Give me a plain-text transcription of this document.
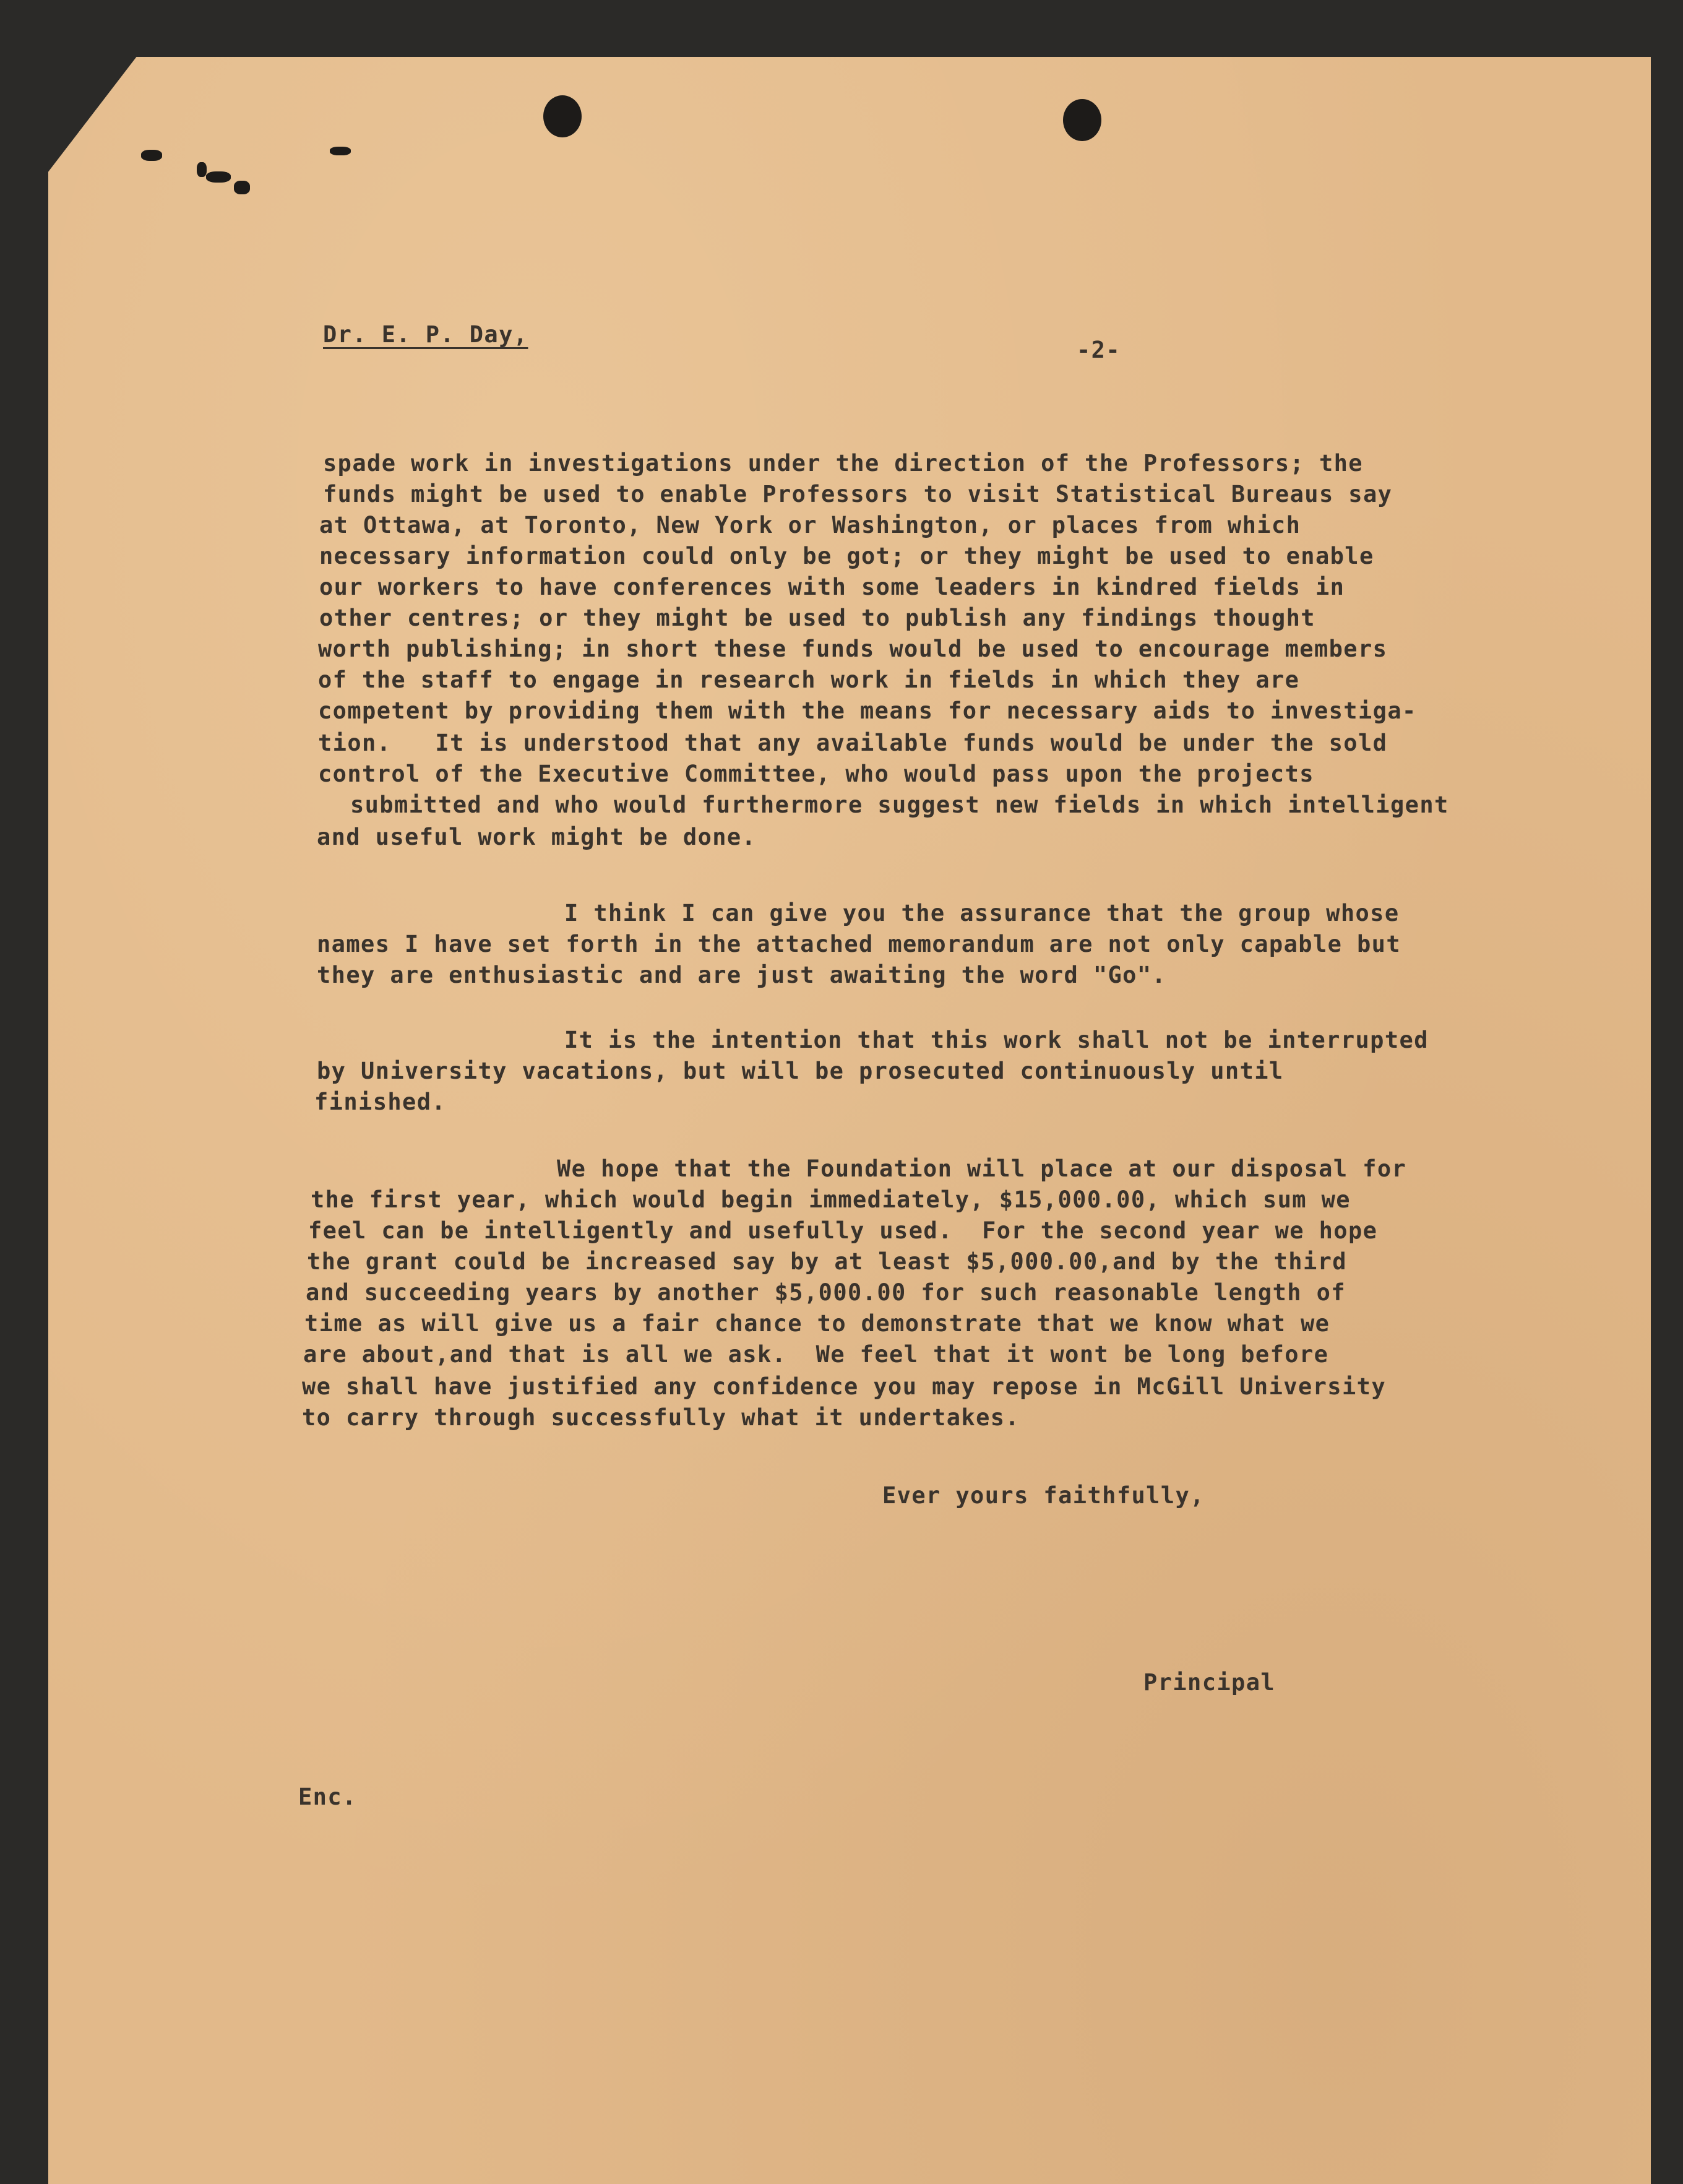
Dr. E. P. Day,
-2-
spade work in investigations under the direction of the Professors; the
funds might be used to enable Professors to visit Statistical Bureaus say
at Ottawa, at Toronto, New York or Washington, or places from which
necessary information could only be got; or they might be used to enable
our workers to have conferences with some leaders in kindred fields in
other centres; or they might be used to publish any findings thought
worth publishing; in short these funds would be used to encourage members
of the staff to engage in research work in fields in which they are
competent by providing them with the means for necessary aids to investiga-
tion.   It is understood that any available funds would be under the sold
control of the Executive Committee, who would pass upon the projects
submitted and who would furthermore suggest new fields in which intelligent
and useful work might be done.
I think I can give you the assurance that the group whose
names I have set forth in the attached memorandum are not only capable but
they are enthusiastic and are just awaiting the word "Go".
It is the intention that this work shall not be interrupted
by University vacations, but will be prosecuted continuously until
finished.
We hope that the Foundation will place at our disposal for
the first year, which would begin immediately, $15,000.00, which sum we
feel can be intelligently and usefully used.  For the second year we hope
the grant could be increased say by at least $5,000.00,and by the third
and succeeding years by another $5,000.00 for such reasonable length of
time as will give us a fair chance to demonstrate that we know what we
are about,and that is all we ask.  We feel that it wont be long before
we shall have justified any confidence you may repose in McGill University
to carry through successfully what it undertakes.
Ever yours faithfully,
Principal
Enc.
